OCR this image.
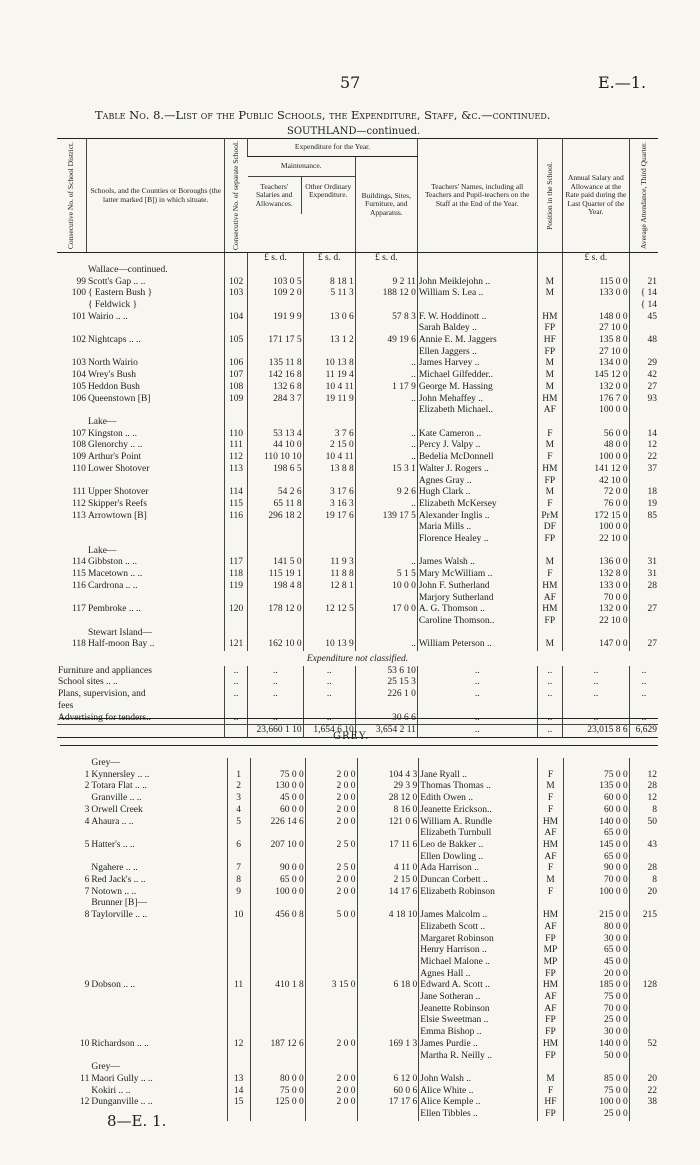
57	E.—1.
Table No. 8.—List of the Public Schools, the Expenditure, Staff, &c.—continued.
SOUTHLAND—continued.
Consecutive No. of School District.	Schools, and the Counties or Boroughs (the latter marked [B]) in which situate.	Consecutive No. of separate School.	Expenditure for the Year.			Teachers' Names, including all Teachers and Pupil-teachers on the Staff at the End of the Year.	Position in the School.	Annual Salary and Allowance at the Rate paid during the Last Quarter of the Year.	Average Attendance, Third Quarter.

			Maintenance.
Teachers' Salaries and Allowances.
Other Ordinary Expenditure.		Buildings, Sites, Furniture, and Apparatus.				
			£ s. d.	£ s. d.	£ s. d.			£ s. d.	
	Wallace—continued.								
99	Scott's Gap .. ..	102	103 0 5	8 18 1	9 2 11	John Meiklejohn ..	M	115 0 0	21
100	{ Eastern Bush }	103	109 2 0	5 11 3	188 12 0	William S. Lea ..	M	133 0 0	{ 14
	{ Feldwick }								{ 14
101	Wairio .. ..	104	191 9 9	13 0 6	57 8 3	F. W. Hoddinott ..	HM	148 0 0	45
						Sarah Baldey ..	FP	27 10 0	
102	Nightcaps .. ..	105	171 17 5	13 1 2	49 19 6	Annie E. M. Jaggers	HF	135 8 0	48
						Ellen Jaggers ..	FP	27 10 0	
103	North Wairio	106	135 11 8	10 13 8	..	James Harvey ..	M	134 0 0	29
104	Wrey's Bush	107	142 16 8	11 19 4	..	Michael Gilfedder..	M	145 12 0	42
105	Heddon Bush	108	132 6 8	10 4 11	1 17 9	George M. Hassing	M	132 0 0	27
106	Queenstown [B]	109	284 3 7	19 11 9	..	John Mehaffey ..	HM	176 7 0	93
						Elizabeth Michael..	AF	100 0 0	
	Lake—								
107	Kingston .. ..	110	53 13 4	3 7 6	..	Kate Cameron ..	F	56 0 0	14
108	Glenorchy .. ..	111	44 10 0	2 15 0	..	Percy J. Valpy ..	M	48 0 0	12
109	Arthur's Point	112	110 10 10	10 4 11	..	Bedelia McDonnell	F	100 0 0	22
110	Lower Shotover	113	198 6 5	13 8 8	15 3 1	Walter J. Rogers ..	HM	141 12 0	37
						Agnes Gray ..	FP	42 10 0	
111	Upper Shotover	114	54 2 6	3 17 6	9 2 6	Hugh Clark ..	M	72 0 0	18
112	Skipper's Reefs	115	65 11 8	3 16 3	..	Elizabeth McKersey	F	76 0 0	19
113	Arrowtown [B]	116	296 18 2	19 17 6	139 17 5	Alexander Inglis ..	PrM	172 15 0	85
						Maria Mills ..	DF	100 0 0	
						Florence Healey ..	FP	22 10 0	
	Lake—								
114	Gibbston .. ..	117	141 5 0	11 9 3	..	James Walsh ..	M	136 0 0	31
115	Macetown .. ..	118	115 19 1	11 8 8	5 1 5	Mary McWilliam ..	F	132 8 0	31
116	Cardrona .. ..	119	198 4 8	12 8 1	10 0 0	John F. Sutherland	HM	133 0 0	28
						Marjory Sutherland	AF	70 0 0	
117	Pembroke .. ..	120	178 12 0	12 12 5	17 0 0	A. G. Thomson ..	HM	132 0 0	27
						Caroline Thomson..	FP	22 10 0	
	Stewart Island—								
118	Half-moon Bay ..	121	162 10 0	10 13 9	..	William Peterson ..	M	147 0 0	27
Expenditure not classified.									
Furniture and appliances		..	..	..	53 6 10	..	..	..	..
School sites .. ..		..	..	..	25 15 3	..	..	..	..
Plans, supervision, and		..	..	..	226 1 0	..	..	..	..
fees									
Advertising for tenders..		..	..	..	30 6 6	..	..	..	..
			23,660 1 10	1,654 6 10	3,654 2 11	..	..	23,015 8 6	6,629
GREY.
	Grey—								
1	Kynnersley .. ..	1	75 0 0	2 0 0	104 4 3	Jane Ryall ..	F	75 0 0	12
2	Totara Flat .. ..	2	130 0 0	2 0 0	29 3 9	Thomas Thomas ..	M	135 0 0	28
	Granville .. ..	3	45 0 0	2 0 0	28 12 0	Edith Owen ..	F	60 0 0	12
3	Orwell Creek	4	60 0 0	2 0 0	8 16 0	Jeanette Erickson..	F	60 0 0	8
4	Ahaura .. ..	5	226 14 6	2 0 0	121 0 6	William A. Rundle	HM	140 0 0	50
						Elizabeth Turnbull	AF	65 0 0	
5	Hatter's .. ..	6	207 10 0	2 5 0	17 11 6	Leo de Bakker ..	HM	145 0 0	43
						Ellen Dowling ..	AF	65 0 0	
	Ngahere .. ..	7	90 0 0	2 5 0	4 11 0	Ada Harrison ..	F	90 0 0	28
6	Red Jack's .. ..	8	65 0 0	2 0 0	2 15 0	Duncan Corbett ..	M	70 0 0	8
7	Notown .. ..	9	100 0 0	2 0 0	14 17 6	Elizabeth Robinson	F	100 0 0	20
	Brunner [B]—								
8	Taylorville .. ..	10	456 0 8	5 0 0	4 18 10	James Malcolm ..	HM	215 0 0	215
						Elizabeth Scott ..	AF	80 0 0	
						Margaret Robinson	FP	30 0 0	
						Henry Harrison ..	MP	65 0 0	
						Michael Malone ..	MP	45 0 0	
						Agnes Hall ..	FP	20 0 0	
9	Dobson .. ..	11	410 1 8	3 15 0	6 18 0	Edward A. Scott ..	HM	185 0 0	128
						Jane Sotheran ..	AF	75 0 0	
						Jeanette Robinson	AF	70 0 0	
						Elsie Sweetman ..	FP	25 0 0	
						Emma Bishop ..	FP	30 0 0	
10	Richardson .. ..	12	187 12 6	2 0 0	169 1 3	James Purdie ..	HM	140 0 0	52
						Martha R. Neilly ..	FP	50 0 0	
	Grey—								
11	Maori Gully .. ..	13	80 0 0	2 0 0	6 12 0	John Walsh ..	M	85 0 0	20
	Kokiri .. ..	14	75 0 0	2 0 0	60 0 6	Alice White ..	F	75 0 0	22
12	Dunganville .. ..	15	125 0 0	2 0 0	17 17 6	Alice Kemple ..	HF	100 0 0	38
						Ellen Tibbles ..	FP	25 0 0	
8—E. 1.
